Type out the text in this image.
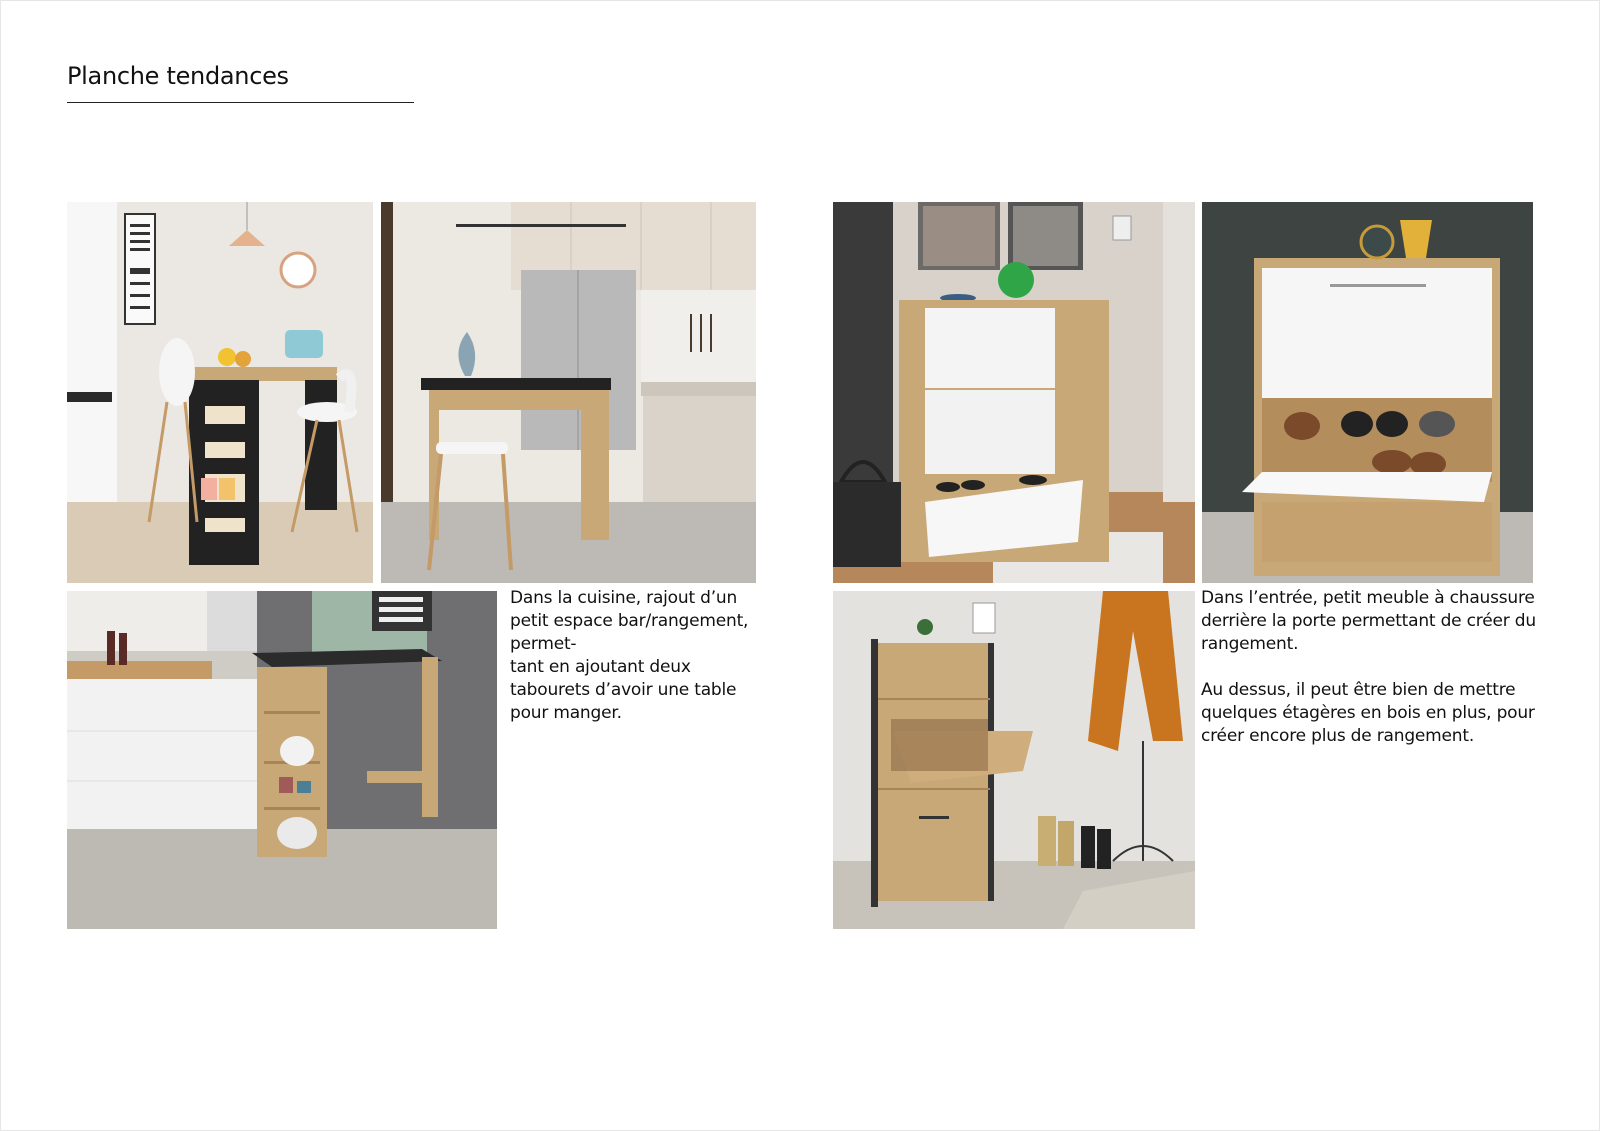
Planche tendances
Dans la cuisine, rajout d’un petit espace bar/rangement, permet-
tant en ajoutant deux tabourets d’avoir une table pour manger.
Dans l’entrée, petit meuble à chaussure derrière la porte permettant de créer du rangement.

Au dessus, il peut être bien de mettre quelques étagères en bois en plus, pour créer encore plus de rangement.
